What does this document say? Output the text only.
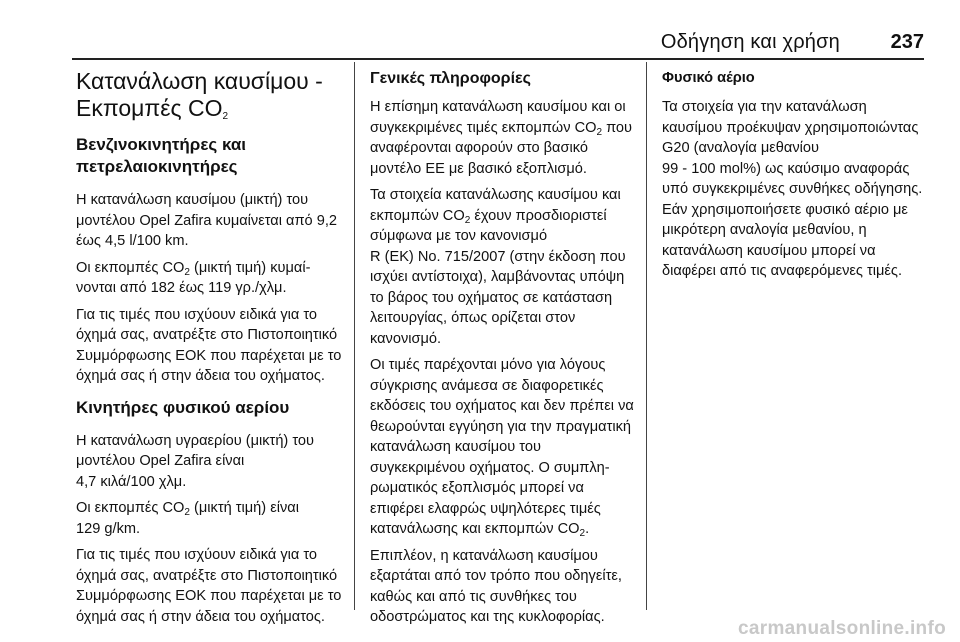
Οδήγηση και χρήση	237
Κατανάλωση καυσίμου -
Εκπομπές $CO_2$
Βενζινοκινητήρες και πετρελαιοκινητήρες

Η κατανάλωση καυσίμου (μικτή) του μοντέλου Opel Zafira κυμαίνεται από 9,2 έως 4,5 l/100 km.

Οι εκπομπές $CO_2$ (μικτή τιμή) κυμαίνονται από 182 έως 119 γρ./χλμ.

Για τις τιμές που ισχύουν ειδικά για το όχημά σας, ανατρέξτε στο Πιστοποιητικό Συμμόρφωσης ΕΟΚ που παρέχεται με το όχημά σας ή στην άδεια του οχήματος.

Κινητήρες φυσικού αερίου

Η κατανάλωση υγραερίου (μικτή) του μοντέλου Opel Zafira είναι
4,7 κιλά/100 χλμ.

Οι εκπομπές $CO_2$ (μικτή τιμή) είναι
129 g/km.

Για τις τιμές που ισχύουν ειδικά για το όχημά σας, ανατρέξτε στο Πιστοποιητικό Συμμόρφωσης ΕΟΚ που παρέχεται με το όχημά σας ή στην άδεια του οχήματος.

Γενικές πληροφορίες

Η επίσημη κατανάλωση καυσίμου και οι συγκεκριμένες τιμές εκπομπών $CO_2$ που αναφέρονται αφορούν στο βασικό μοντέλο ΕΕ με βασικό εξοπλισμό.

Τα στοιχεία κατανάλωσης καυσίμου και εκπομπών $CO_2$ έχουν προσδιοριστεί σύμφωνα με τον κανονισμό
R (ΕΚ) No. 715/2007 (στην έκδοση που ισχύει αντίστοιχα), λαμβάνοντας υπόψη το βάρος του οχήματος σε κατάσταση λειτουργίας, όπως ορίζεται στον κανονισμό.

Οι τιμές παρέχονται μόνο για λόγους σύγκρισης ανάμεσα σε διαφορετικές εκδόσεις του οχήματος και δεν πρέπει να θεωρούνται εγγύηση για την πραγματική κατανάλωση καυσίμου του συγκεκριμένου οχήματος. Ο συμπληρωματικός εξοπλισμός μπορεί να επιφέρει ελαφρώς υψηλότερες τιμές κατανάλωσης και εκπομπών $CO_2$.

Επιπλέον, η κατανάλωση καυσίμου εξαρτάται από τον τρόπο που οδηγείτε, καθώς και από τις συνθήκες του οδοστρώματος και της κυκλοφορίας.

Φυσικό αέριο

Τα στοιχεία για την κατανάλωση καυσίμου προέκυψαν χρησιμοποιώντας G20 (αναλογία μεθανίου
99 - 100 mol%) ως καύσιμο αναφοράς υπό συγκεκριμένες συνθήκες οδήγησης. Εάν χρησιμοποιήσετε φυσικό αέριο με μικρότερη αναλογία μεθανίου, η κατανάλωση καυσίμου μπορεί να διαφέρει από τις αναφερόμενες τιμές.

carmanualsonline.info
